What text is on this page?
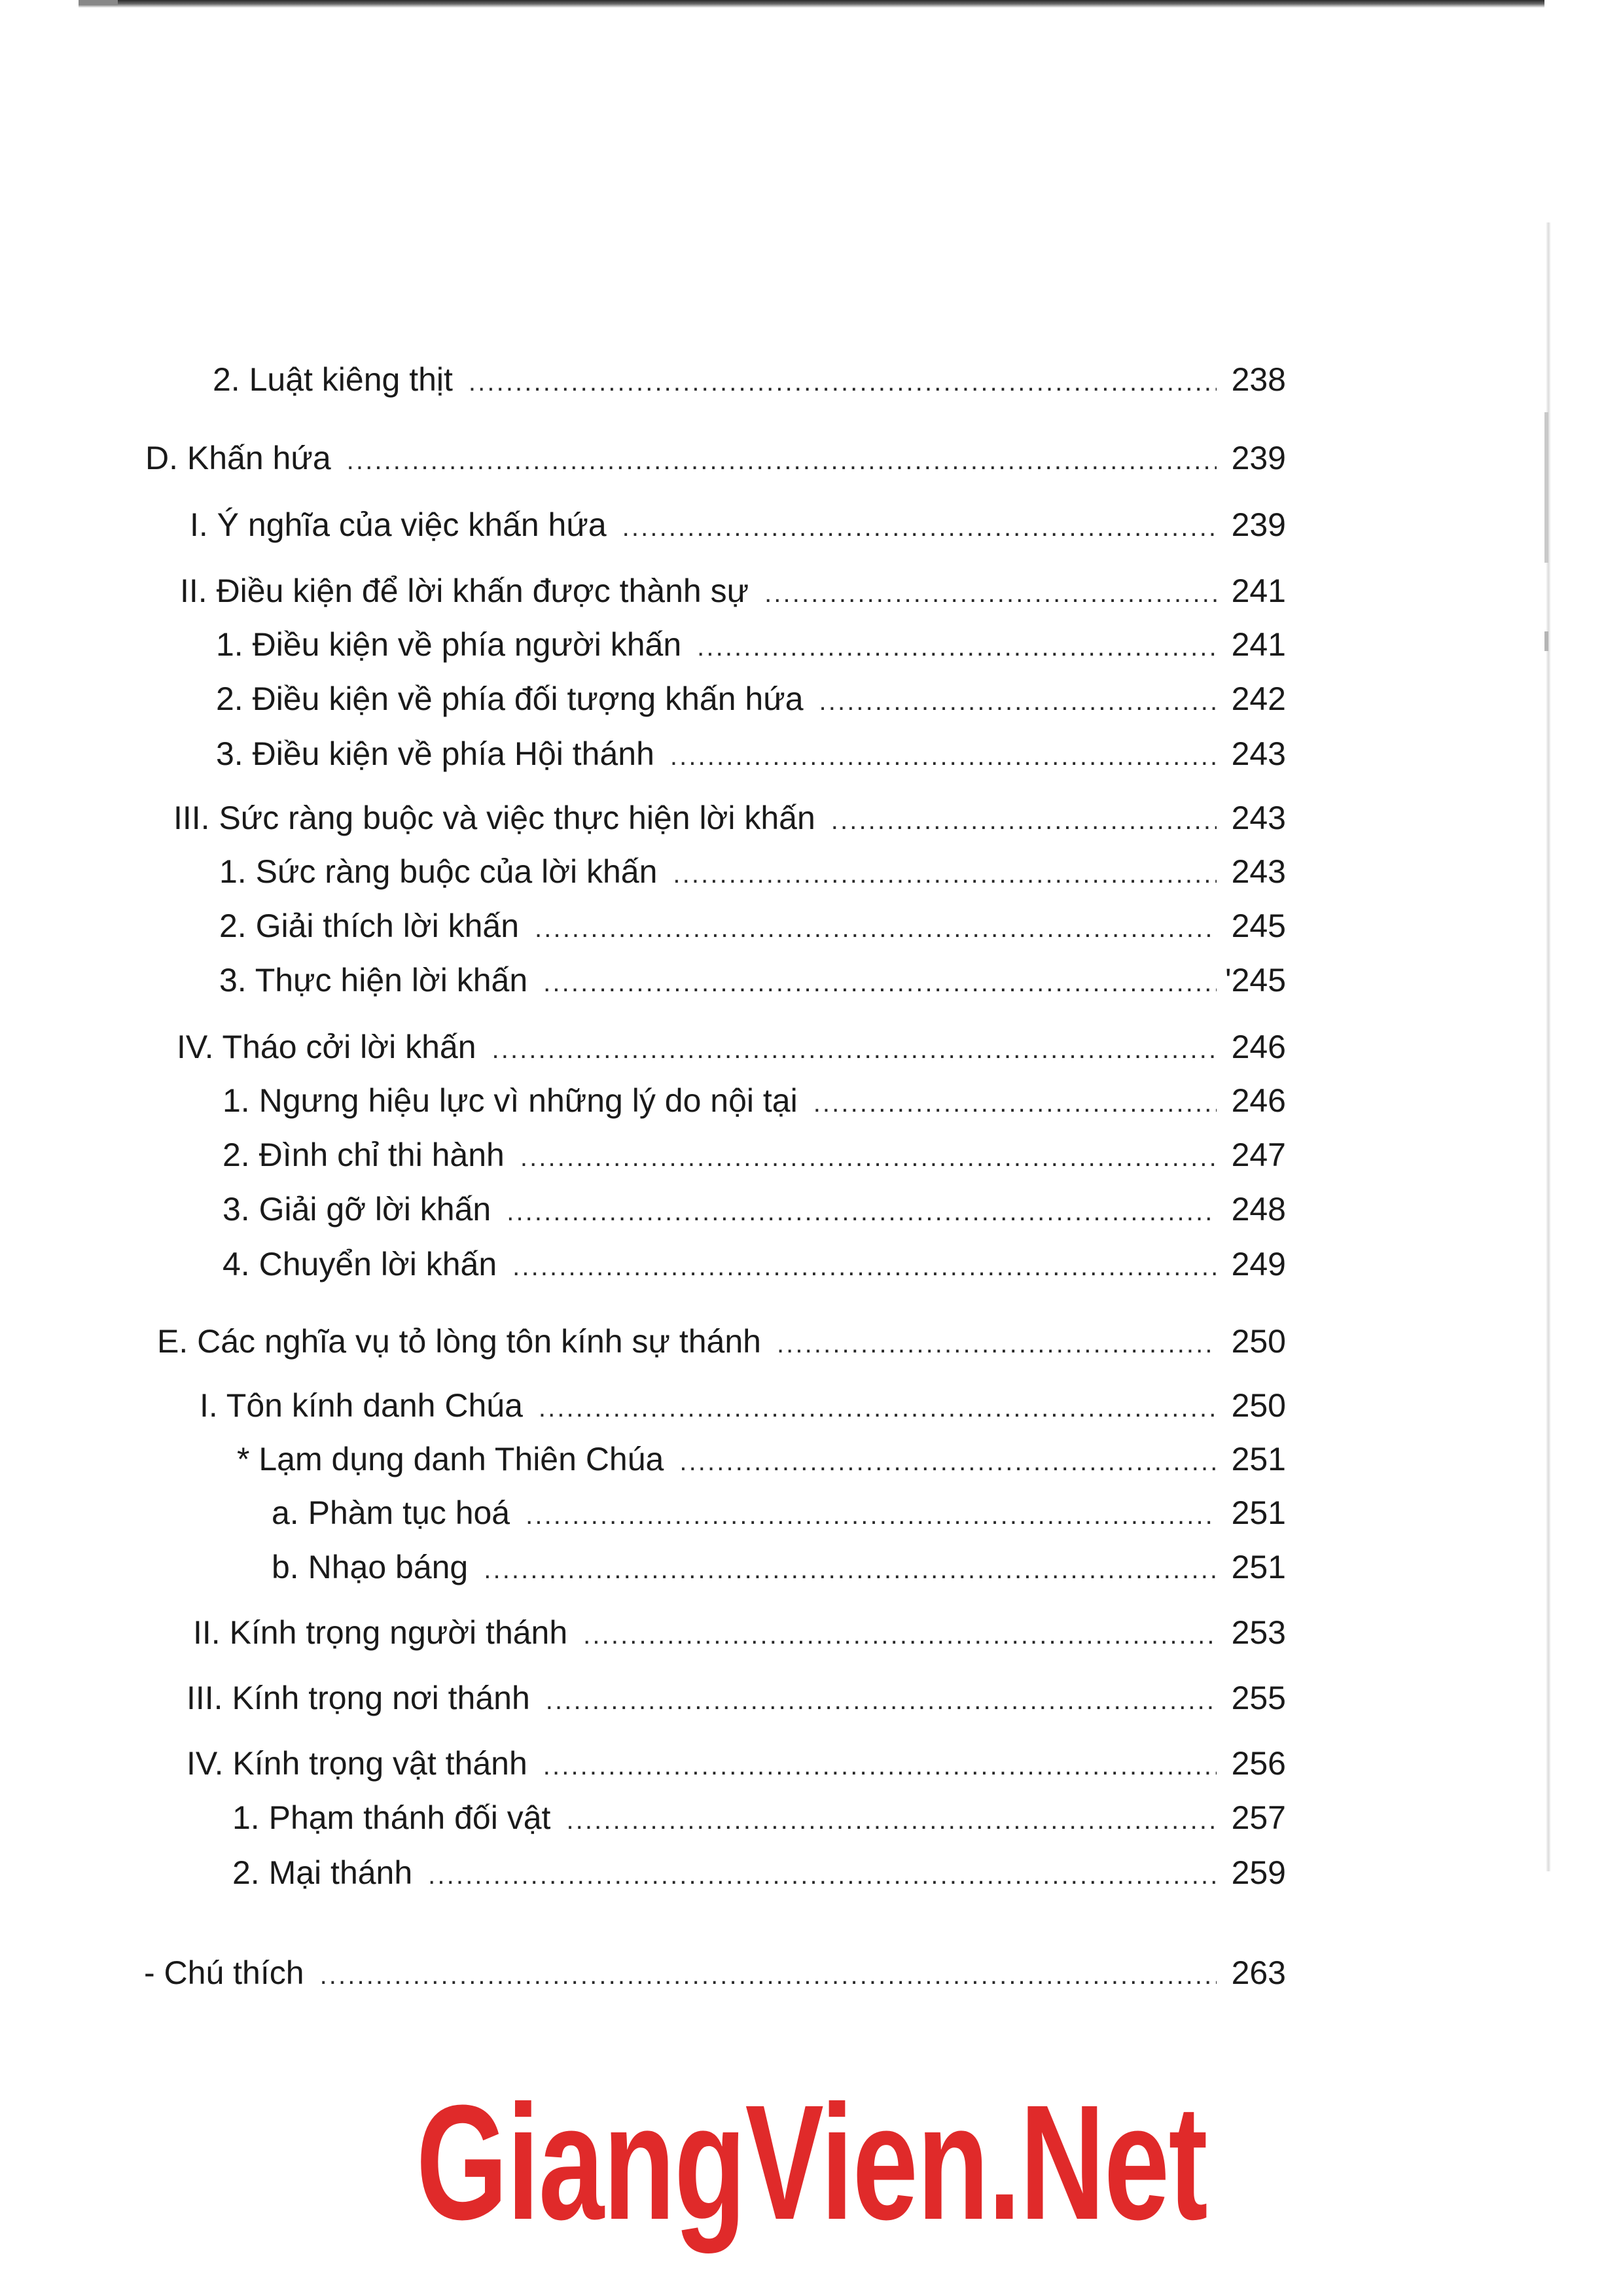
2. Luật kiêng thịt . . .	238
D. Khấn hứa . . .	239
I. Ý nghĩa của việc khấn hứa . . .	239
II. Điều kiện để lời khấn được thành sự . . .	241
1. Điều kiện về phía người khấn . . .	241
2. Điều kiện về phía đối tượng khấn hứa . . .	242
3. Điều kiện về phía Hội thánh . . .	243
III. Sức ràng buộc và việc thực hiện lời khấn . . .	243
1. Sức ràng buộc của lời khấn . . .	243
2. Giải thích lời khấn . . .	245
3. Thực hiện lời khấn . . .	'245
IV. Tháo cởi lời khấn . . .	246
1. Ngưng hiệu lực vì những lý do nội tại . . .	246
2. Đình chỉ thi hành . . .	247
3. Giải gỡ lời khấn . . .	248
4. Chuyển lời khấn . . .	249
E. Các nghĩa vụ tỏ lòng tôn kính sự thánh . . .	250
I. Tôn kính danh Chúa . . .	250
* Lạm dụng danh Thiên Chúa . . .	251
a. Phàm tục hoá . . .	251
b. Nhạo báng . . .	251
II. Kính trọng người thánh . . .	253
III. Kính trọng nơi thánh . . .	255
IV. Kính trọng vật thánh . . .	256
1. Phạm thánh đối vật . . .	257
2. Mại thánh . . .	259
- Chú thích . . .	263
GiangVien.Net
